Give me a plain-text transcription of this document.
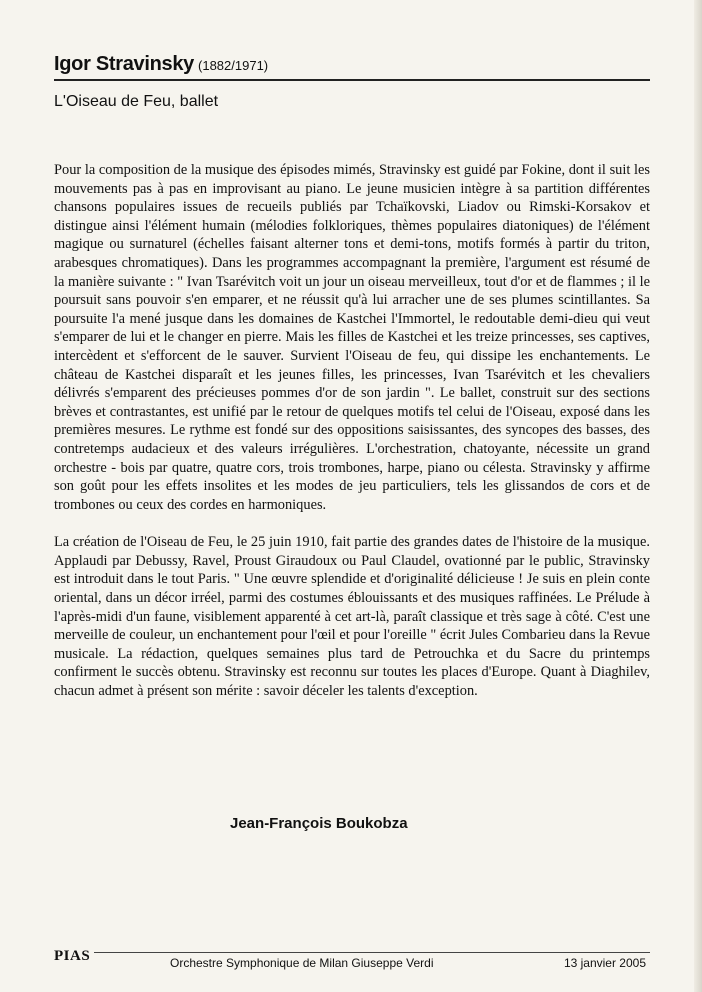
Igor Stravinsky (1882/1971)
L'Oiseau de Feu, ballet

Pour la composition de la musique des épisodes mimés, Stravinsky est guidé par Fokine, dont il suit les mouvements pas à pas en improvisant au piano. Le jeune musicien intègre à sa partition différentes chansons populaires issues de recueils publiés par Tchaïkovski, Liadov ou Rimski-Korsakov et distingue ainsi l'élément humain (mélodies folkloriques, thèmes populaires diatoniques) de l'élément magique ou surnaturel (échelles faisant alterner tons et demi-tons, motifs formés à partir du triton, arabesques chromatiques). Dans les programmes accompagnant la première, l'argument est résumé de la manière suivante : " Ivan Tsarévitch voit un jour un oiseau merveilleux, tout d'or et de flammes ; il le poursuit sans pouvoir s'en emparer, et ne réussit qu'à lui arracher une de ses plumes scintillantes. Sa poursuite l'a mené jusque dans les domaines de Kastchei l'Immortel, le redoutable demi-dieu qui veut s'emparer de lui et le changer en pierre. Mais les filles de Kastchei et les treize princesses, ses captives, intercèdent et s'efforcent de le sauver. Survient l'Oiseau de feu, qui dissipe les enchantements. Le château de Kastchei disparaît et les jeunes filles, les princesses, Ivan Tsarévitch et les chevaliers délivrés s'emparent des précieuses pommes d'or de son jardin ". Le ballet, construit sur des sections brèves et contrastantes, est unifié par le retour de quelques motifs tel celui de l'Oiseau, exposé dans les premières mesures. Le rythme est fondé sur des oppositions saisissantes, des syncopes des basses, des contretemps audacieux et des valeurs irrégulières. L'orchestration, chatoyante, nécessite un grand orchestre - bois par quatre, quatre cors, trois trombones, harpe, piano ou célesta. Stravinsky y affirme son goût pour les effets insolites et les modes de jeu particuliers, tels les glissandos de cors et de trombones ou ceux des cordes en harmoniques.

La création de l'Oiseau de Feu, le 25 juin 1910, fait partie des grandes dates de l'histoire de la musique. Applaudi par Debussy, Ravel, Proust Giraudoux ou Paul Claudel, ovationné par le public, Stravinsky est introduit dans le tout Paris. " Une œuvre splendide et d'originalité délicieuse ! Je suis en plein conte oriental, dans un décor irréel, parmi des costumes éblouissants et des musiques raffinées. Le Prélude à l'après-midi d'un faune, visiblement apparenté à cet art-là, paraît classique et très sage à côté. C'est une merveille de couleur, un enchantement pour l'œil et pour l'oreille " écrit Jules Combarieu dans la Revue musicale. La rédaction, quelques semaines plus tard de Petrouchka et du Sacre du printemps confirment le succès obtenu. Stravinsky est reconnu sur toutes les places d'Europe. Quant à Diaghilev, chacun admet à présent son mérite : savoir déceler les talents d'exception.

Jean-François Boukobza
PIAS	Orchestre Symphonique de Milan Giuseppe Verdi	13 janvier 2005
